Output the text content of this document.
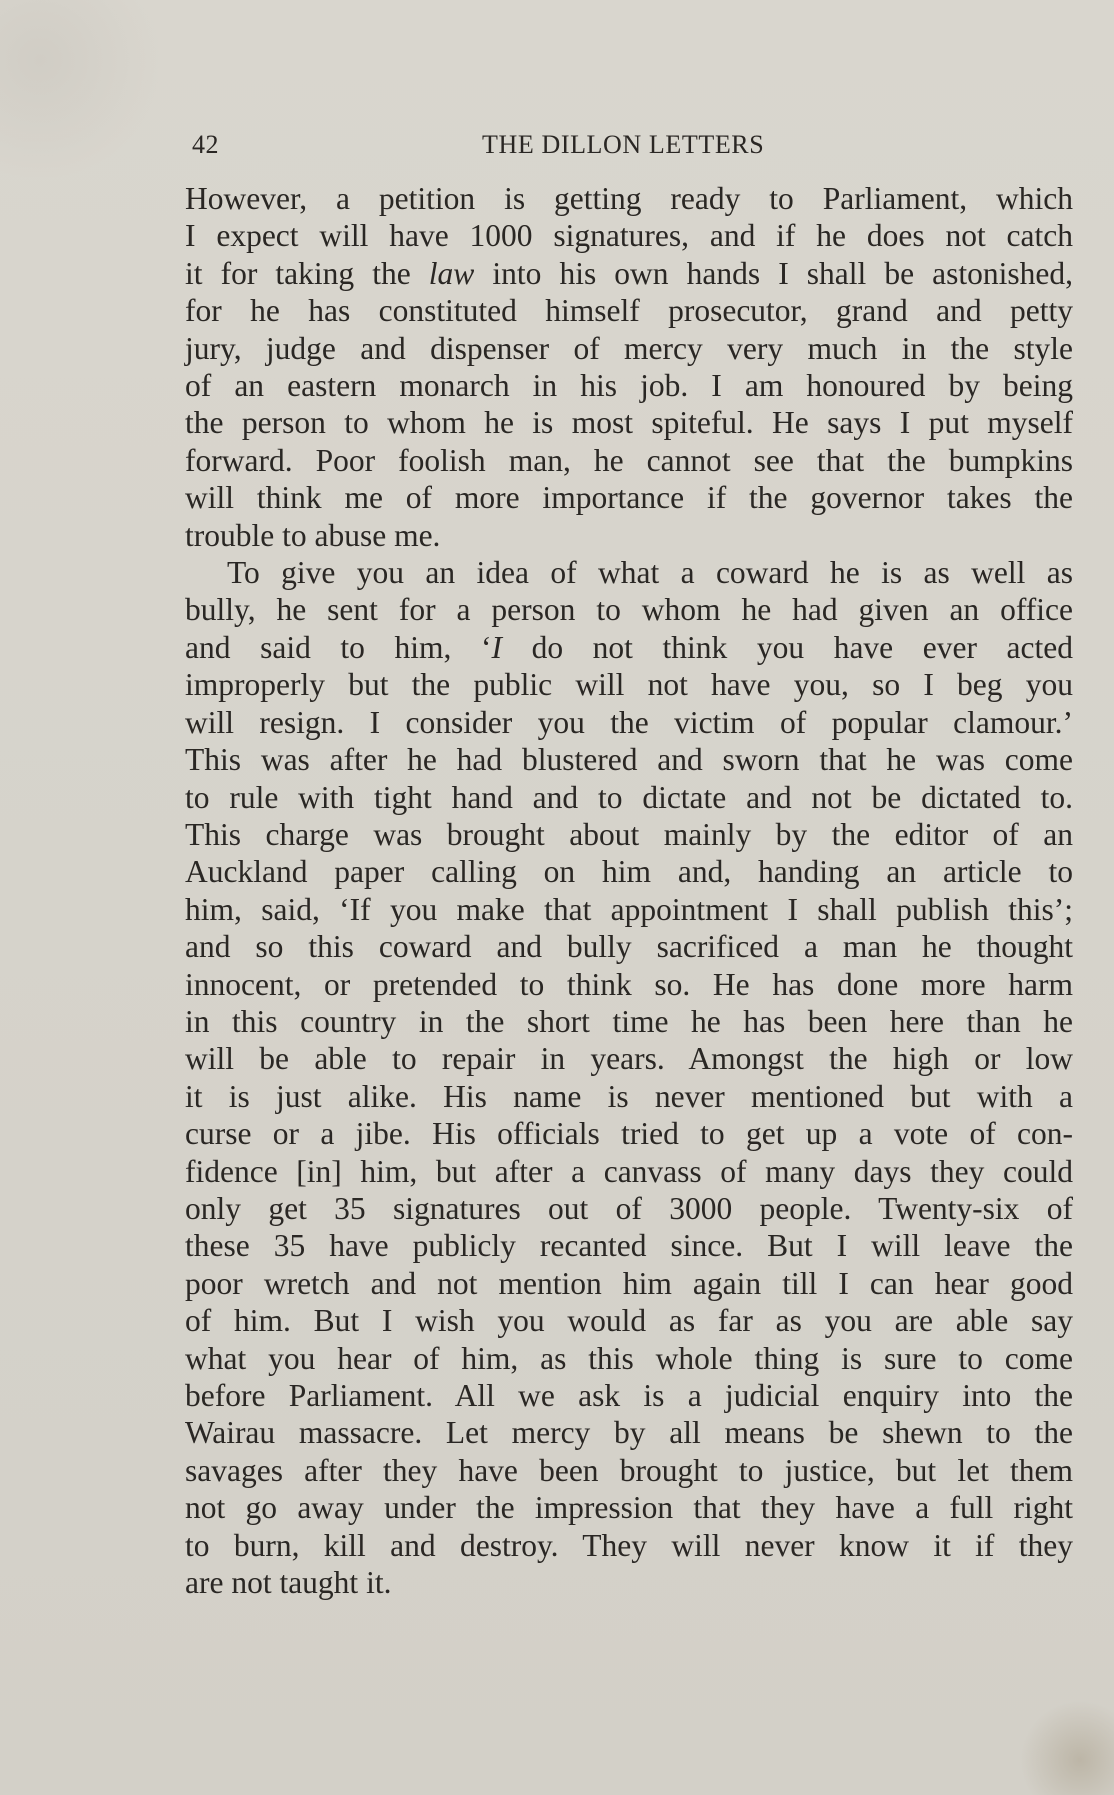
42	THE DILLON LETTERS

However, a petition is getting ready to Parliament, which
I expect will have 1000 signatures, and if he does not catch
it for taking the law into his own hands I shall be astonished,
for he has constituted himself prosecutor, grand and petty
jury, judge and dispenser of mercy very much in the style
of an eastern monarch in his job. I am honoured by being
the person to whom he is most spiteful. He says I put myself
forward. Poor foolish man, he cannot see that the bumpkins
will think me of more importance if the governor takes the
trouble to abuse me.

To give you an idea of what a coward he is as well as
bully, he sent for a person to whom he had given an office
and said to him, ‘I do not think you have ever acted
improperly but the public will not have you, so I beg you
will resign. I consider you the victim of popular clamour.’
This was after he had blustered and sworn that he was come
to rule with tight hand and to dictate and not be dictated to.
This charge was brought about mainly by the editor of an
Auckland paper calling on him and, handing an article to
him, said, ‘If you make that appointment I shall publish this’;
and so this coward and bully sacrificed a man he thought
innocent, or pretended to think so. He has done more harm
in this country in the short time he has been here than he
will be able to repair in years. Amongst the high or low
it is just alike. His name is never mentioned but with a
curse or a jibe. His officials tried to get up a vote of con-
fidence [in] him, but after a canvass of many days they could
only get 35 signatures out of 3000 people. Twenty-six of
these 35 have publicly recanted since. But I will leave the
poor wretch and not mention him again till I can hear good
of him. But I wish you would as far as you are able say
what you hear of him, as this whole thing is sure to come
before Parliament. All we ask is a judicial enquiry into the
Wairau massacre. Let mercy by all means be shewn to the
savages after they have been brought to justice, but let them
not go away under the impression that they have a full right
to burn, kill and destroy. They will never know it if they
are not taught it.
